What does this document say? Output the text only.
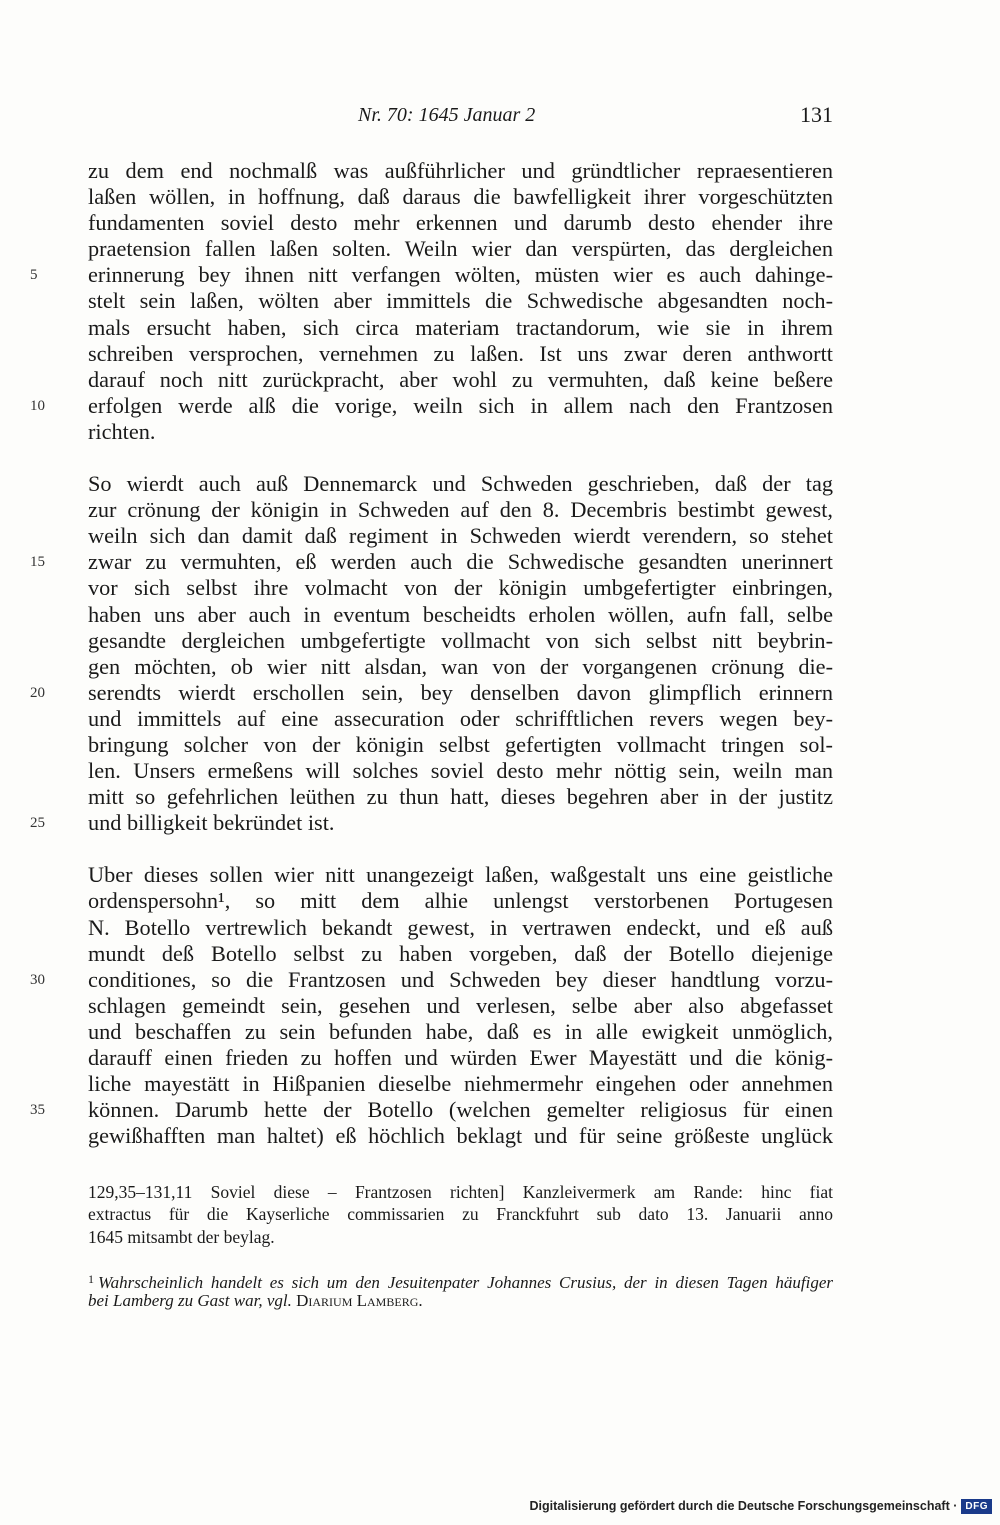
Nr. 70: 1645 Januar 2	131
zu dem end nochmalß was außführlicher und gründtlicher repraesentieren
laßen wöllen, in hoffnung, daß daraus die bawfelligkeit ihrer vorgeschützten
fundamenten soviel desto mehr erkennen und darumb desto ehender ihre
praetension fallen laßen solten. Weiln wier dan verspürten, das dergleichen
5	erinnerung bey ihnen nitt verfangen wölten, müsten wier es auch dahinge-
stelt sein laßen, wölten aber immittels die Schwedische abgesandten noch-
mals ersucht haben, sich circa materiam tractandorum, wie sie in ihrem
schreiben versprochen, vernehmen zu laßen. Ist uns zwar deren anthwortt
darauf noch nitt zurückpracht, aber wohl zu vermuhten, daß keine beßere
10	erfolgen werde alß die vorige, weiln sich in allem nach den Frantzosen
richten.
So wierdt auch auß Dennemarck und Schweden geschrieben, daß der tag
zur crönung der königin in Schweden auf den 8. Decembris bestimbt gewest,
weiln sich dan damit daß regiment in Schweden wierdt verendern, so stehet
15	zwar zu vermuhten, eß werden auch die Schwedische gesandten unerinnert
vor sich selbst ihre volmacht von der königin umbgefertigter einbringen,
haben uns aber auch in eventum bescheidts erholen wöllen, aufn fall, selbe
gesandte dergleichen umbgefertigte vollmacht von sich selbst nitt beybrin-
gen möchten, ob wier nitt alsdan, wan von der vorgangenen crönung die-
20	serendts wierdt erschollen sein, bey denselben davon glimpflich erinnern
und immittels auf eine assecuration oder schrifftlichen revers wegen bey-
bringung solcher von der königin selbst gefertigten vollmacht tringen sol-
len. Unsers ermeßens will solches soviel desto mehr nöttig sein, weiln man
mitt so gefehrlichen leüthen zu thun hatt, dieses begehren aber in der justitz
25	und billigkeit bekründet ist.
Uber dieses sollen wier nitt unangezeigt laßen, waßgestalt uns eine geistliche
ordenspersohn¹, so mitt dem alhie unlengst verstorbenen Portugesen
N. Botello vertrewlich bekandt gewest, in vertrawen endeckt, und eß auß
mundt deß Botello selbst zu haben vorgeben, daß der Botello diejenige
30	conditiones, so die Frantzosen und Schweden bey dieser handtlung vorzu-
schlagen gemeindt sein, gesehen und verlesen, selbe aber also abgefasset
und beschaffen zu sein befunden habe, daß es in alle ewigkeit unmöglich,
darauff einen frieden zu hoffen und würden Ewer Mayestätt und die könig-
liche mayestätt in Hißpanien dieselbe niehmermehr eingehen oder annehmen
35	können. Darumb hette der Botello (welchen gemelter religiosus für einen
gewißhafften man haltet) eß höchlich beklagt und für seine größeste unglück
129,35–131,11 Soviel diese – Frantzosen richten] Kanzleivermerk am Rande: hinc fiat
extractus für die Kayserliche commissarien zu Franckfuhrt sub dato 13. Januarii anno
1645 mitsambt der beylag.
$^1$ Wahrscheinlich handelt es sich um den Jesuitenpater Johannes Crusius, der in diesen Tagen häufiger
bei Lamberg zu Gast war, vgl. Diarium Lamberg.
Digitalisierung gefördert durch die Deutsche Forschungsgemeinschaft · DFG
